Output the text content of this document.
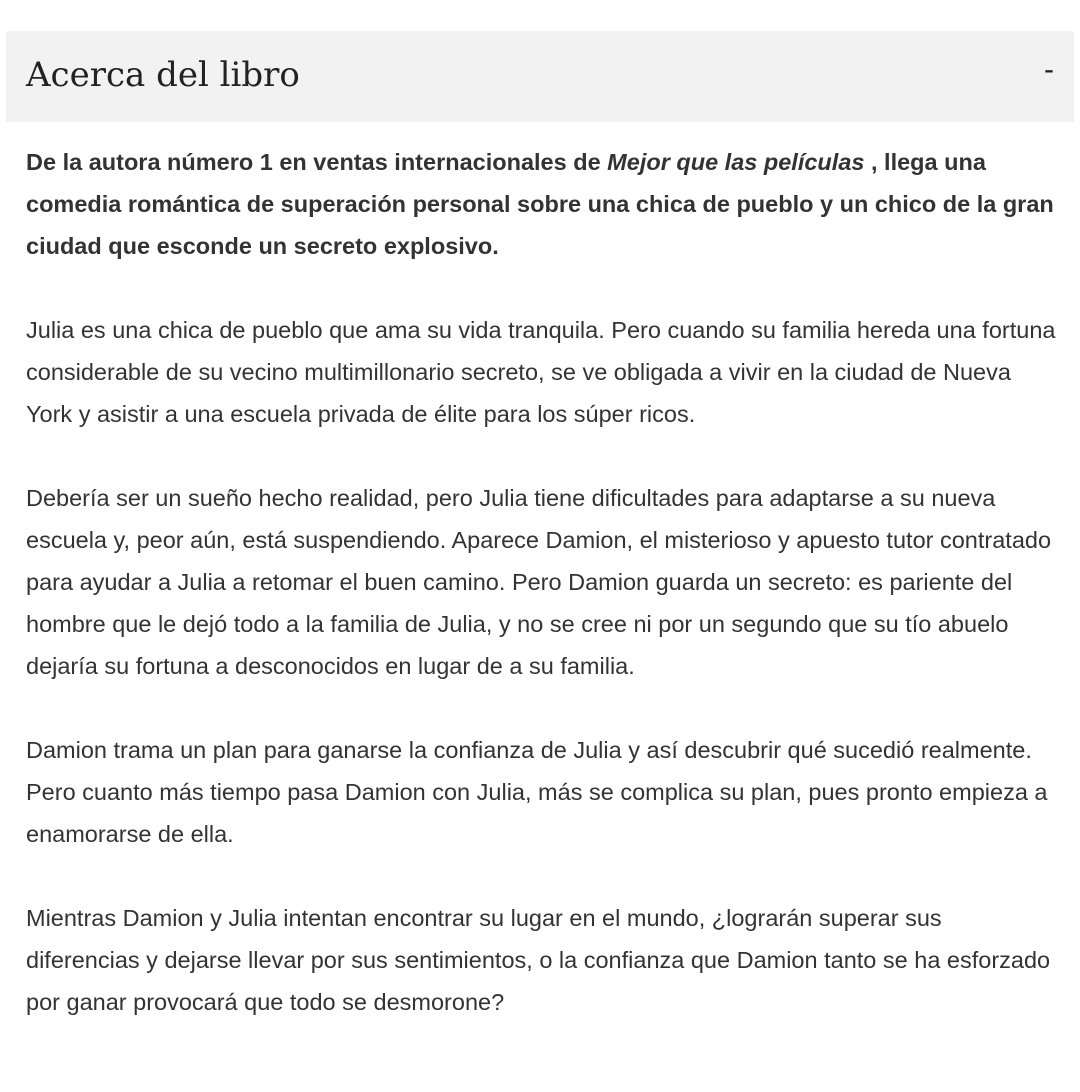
Acerca del libro	-

De la autora número 1 en ventas internacionales de Mejor que las películas , llega una comedia romántica de superación personal sobre una chica de pueblo y un chico de la gran ciudad que esconde un secreto explosivo.

Julia es una chica de pueblo que ama su vida tranquila. Pero cuando su familia hereda una fortuna considerable de su vecino multimillonario secreto, se ve obligada a vivir en la ciudad de Nueva York y asistir a una escuela privada de élite para los súper ricos.

Debería ser un sueño hecho realidad, pero Julia tiene dificultades para adaptarse a su nueva escuela y, peor aún, está suspendiendo. Aparece Damion, el misterioso y apuesto tutor contratado para ayudar a Julia a retomar el buen camino. Pero Damion guarda un secreto: es pariente del hombre que le dejó todo a la familia de Julia, y no se cree ni por un segundo que su tío abuelo dejaría su fortuna a desconocidos en lugar de a su familia.

Damion trama un plan para ganarse la confianza de Julia y así descubrir qué sucedió realmente. Pero cuanto más tiempo pasa Damion con Julia, más se complica su plan, pues pronto empieza a enamorarse de ella.

Mientras Damion y Julia intentan encontrar su lugar en el mundo, ¿lograrán superar sus diferencias y dejarse llevar por sus sentimientos, o la confianza que Damion tanto se ha esforzado por ganar provocará que todo se desmorone?
